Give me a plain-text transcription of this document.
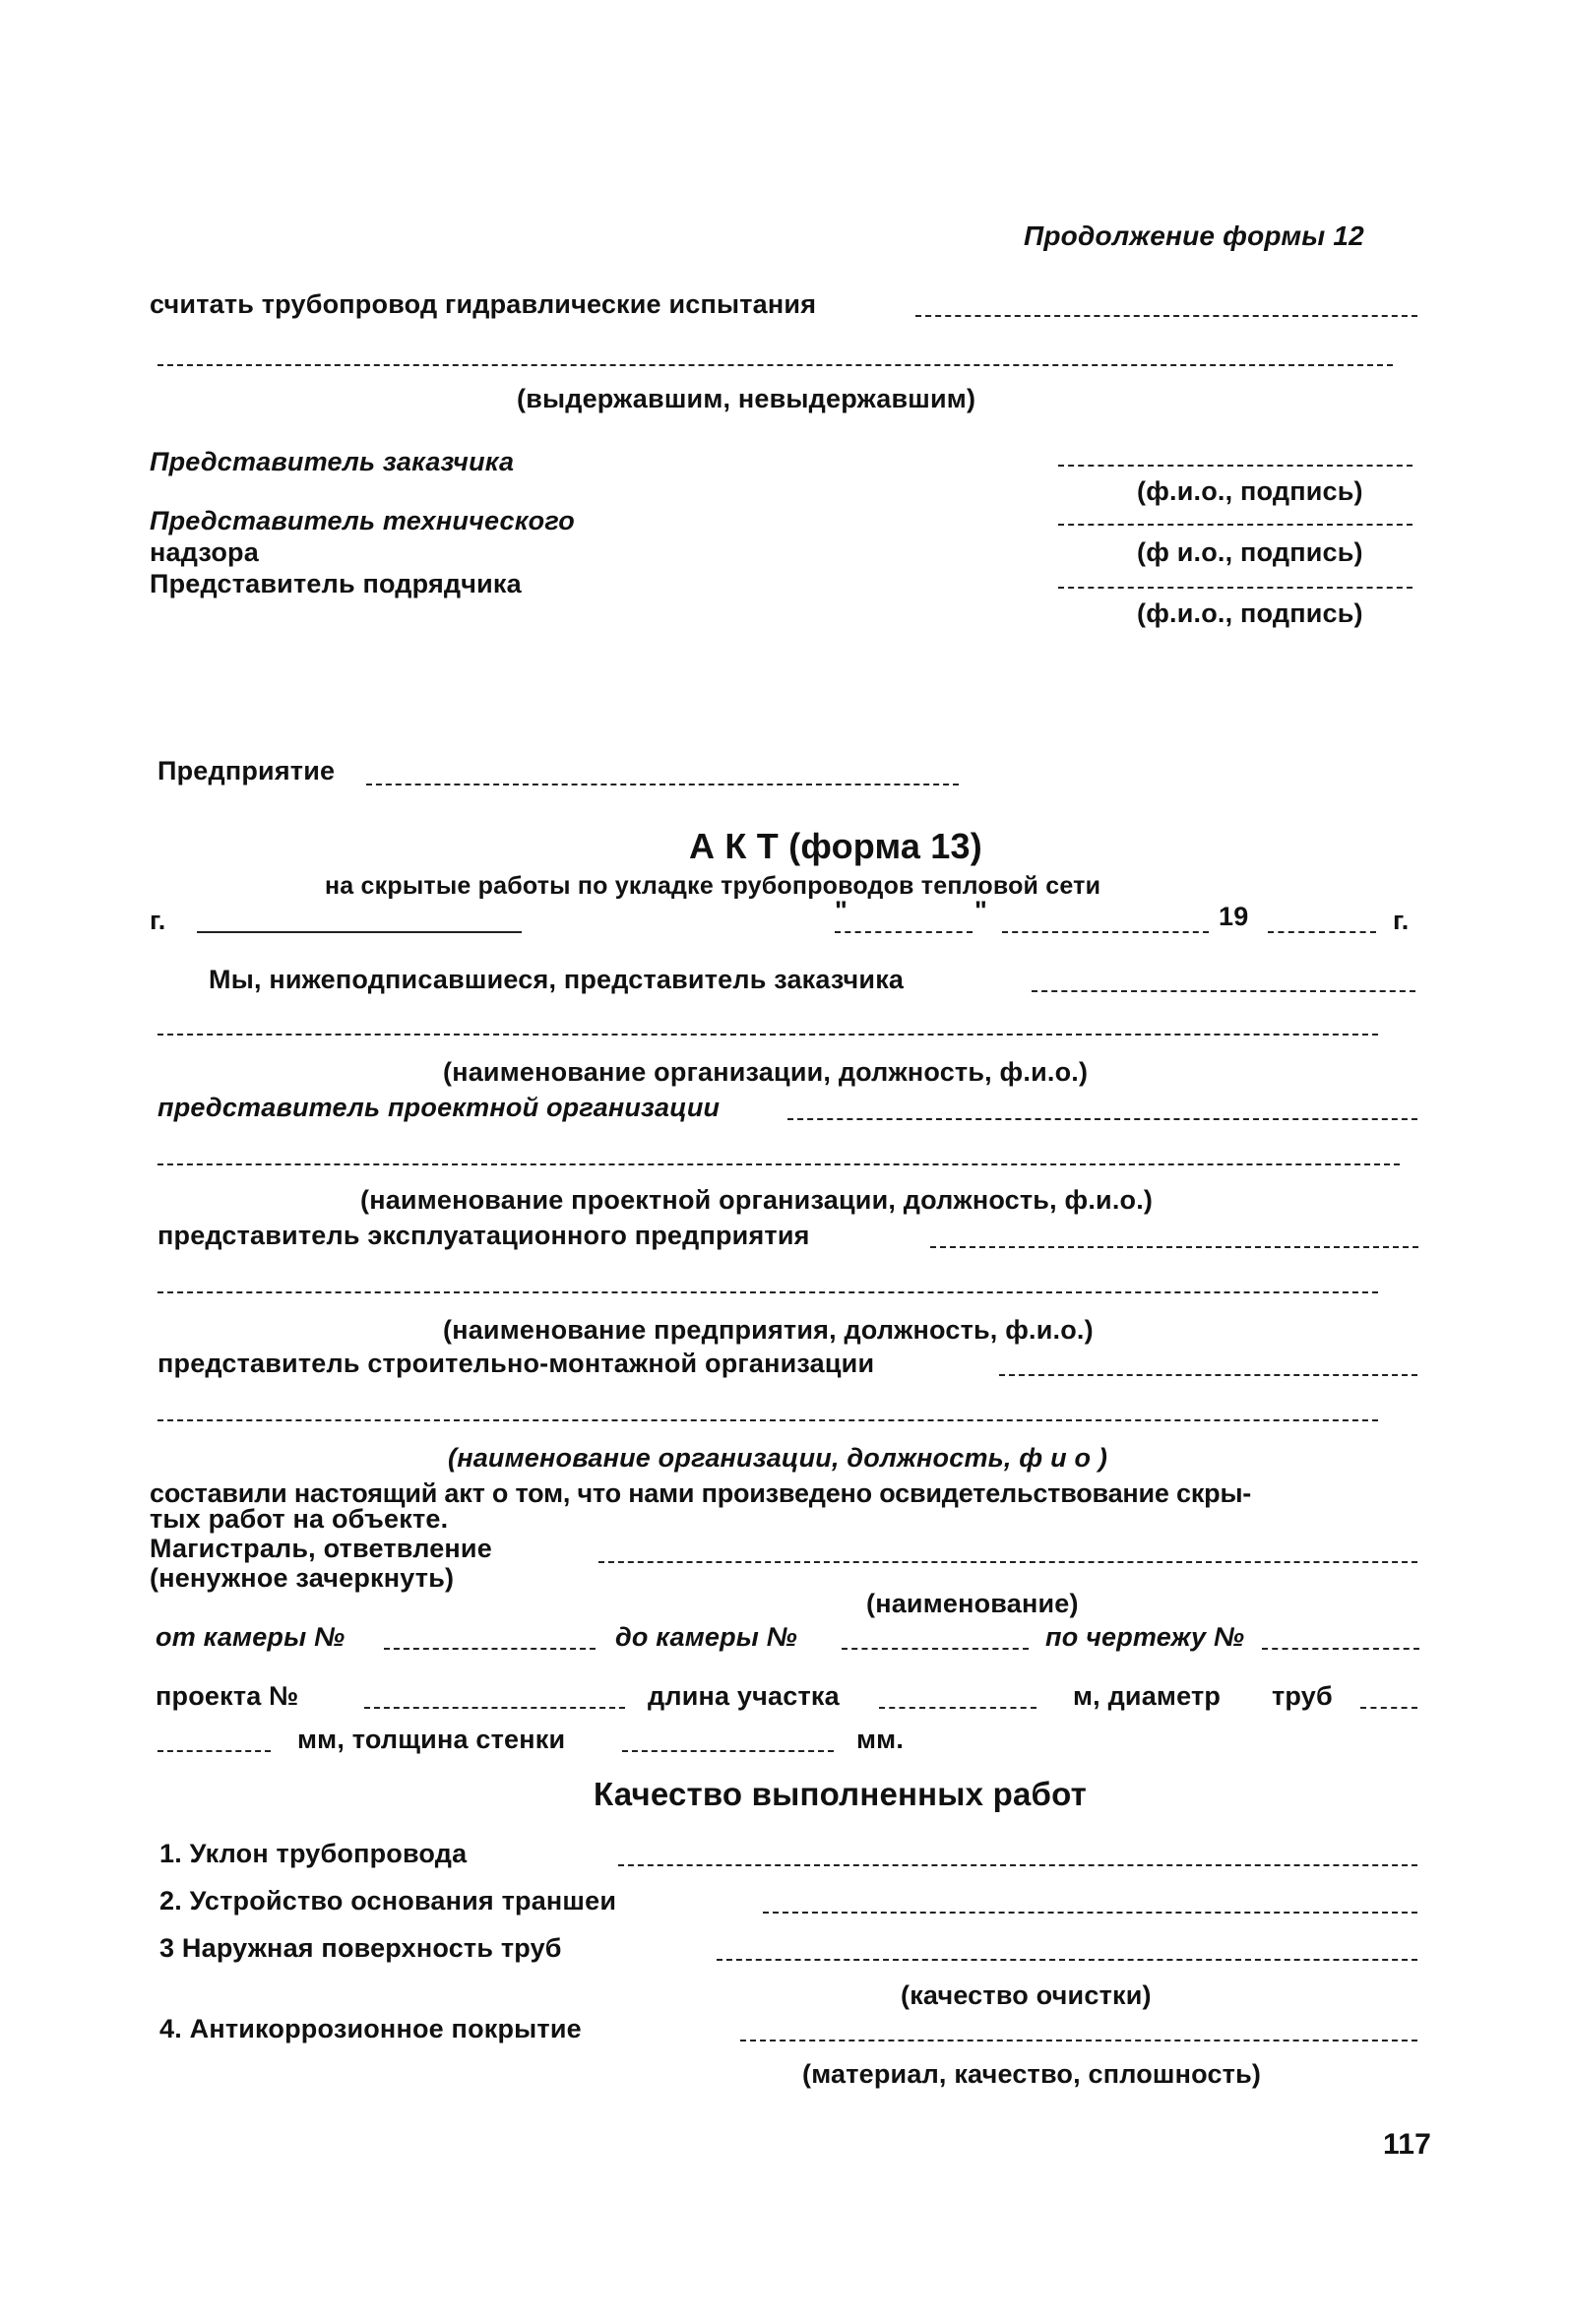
Продолжение формы 12
считать трубопровод гидравлические испытания
(выдержавшим, невыдержавшим)
Представитель заказчика
(ф.и.о., подпись)
Представитель технического
надзора	(ф и.о., подпись)
Представитель подрядчика
(ф.и.о., подпись)
Предприятие
А К Т (форма 13)
на скрытые работы по укладке трубопроводов тепловой сети
г.	"	"	19	г.
Мы, нижеподписавшиеся, представитель заказчика
(наименование организации, должность, ф.и.о.)
представитель проектной организации
(наименование проектной организации, должность, ф.и.о.)
представитель эксплуатационного предприятия
(наименование предприятия, должность, ф.и.о.)
представитель строительно-монтажной организации
(наименование организации, должность, ф и о )
составили настоящий акт о том, что нами произведено освидетельствование скры-
тых работ на объекте.
Магистраль, ответвление
(ненужное зачеркнуть)
(наименование)
от камеры №	до камеры №	по чертежу №
проекта №	длина участка	м, диаметр труб
мм, толщина стенки	мм.
Качество выполненных работ
1. Уклон трубопровода
2. Устройство основания траншеи
3 Наружная поверхность труб
(качество очистки)
4. Антикоррозионное покрытие
(материал, качество, сплошность)
117
